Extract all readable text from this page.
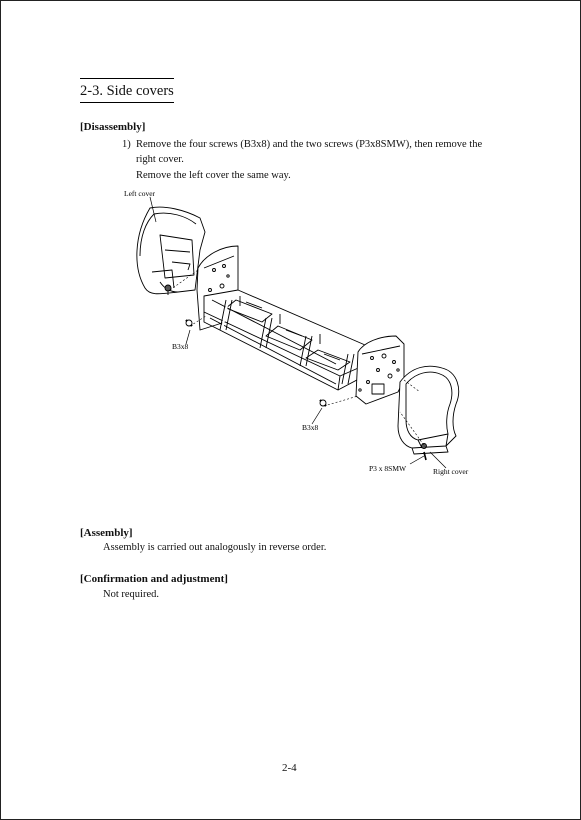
2-3. Side covers
[Disassembly]
1) Remove the four screws (B3x8) and the two screws (P3x8SMW), then remove the
right cover.
Remove the left cover the same way.
Left cover
B3x8
B3x8
P3 x 8SMW	Right cover
[Assembly]
Assembly is carried out analogously in reverse order.
[Confirmation and adjustment]
Not required.
2-4
